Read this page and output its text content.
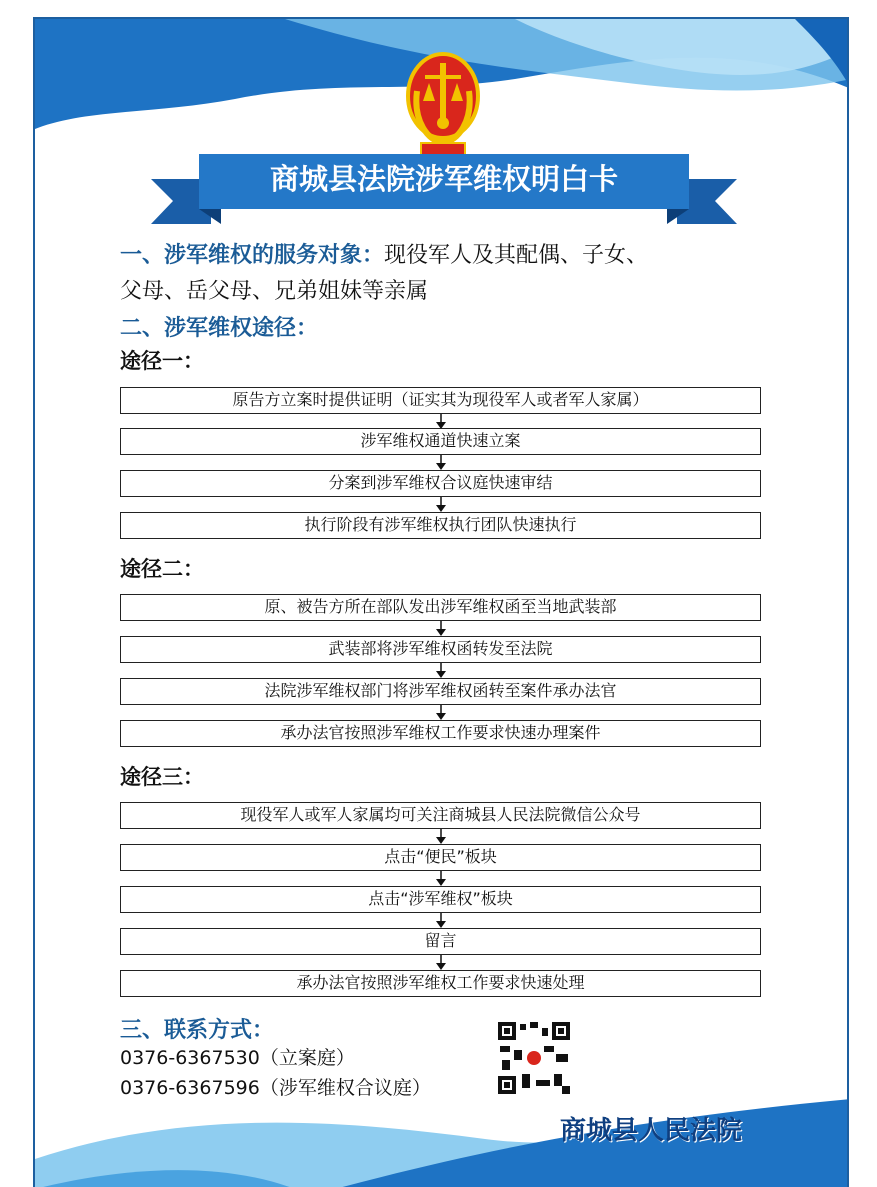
商城县法院涉军维权明白卡
一、涉军维权的服务对象：现役军人及其配偶、子女、
父母、岳父母、兄弟姐妹等亲属
二、涉军维权途径：
途径一：
原告方立案时提供证明（证实其为现役军人或者军人家属）
涉军维权通道快速立案
分案到涉军维权合议庭快速审结
执行阶段有涉军维权执行团队快速执行
途径二：
原、被告方所在部队发出涉军维权函至当地武装部
武装部将涉军维权函转发至法院
法院涉军维权部门将涉军维权函转至案件承办法官
承办法官按照涉军维权工作要求快速办理案件
途径三：
现役军人或军人家属均可关注商城县人民法院微信公众号
点击“便民”板块
点击“涉军维权”板块
留言
承办法官按照涉军维权工作要求快速处理
三、联系方式：
0376-6367530（立案庭）
0376-6367596（涉军维权合议庭）
商城县人民法院
